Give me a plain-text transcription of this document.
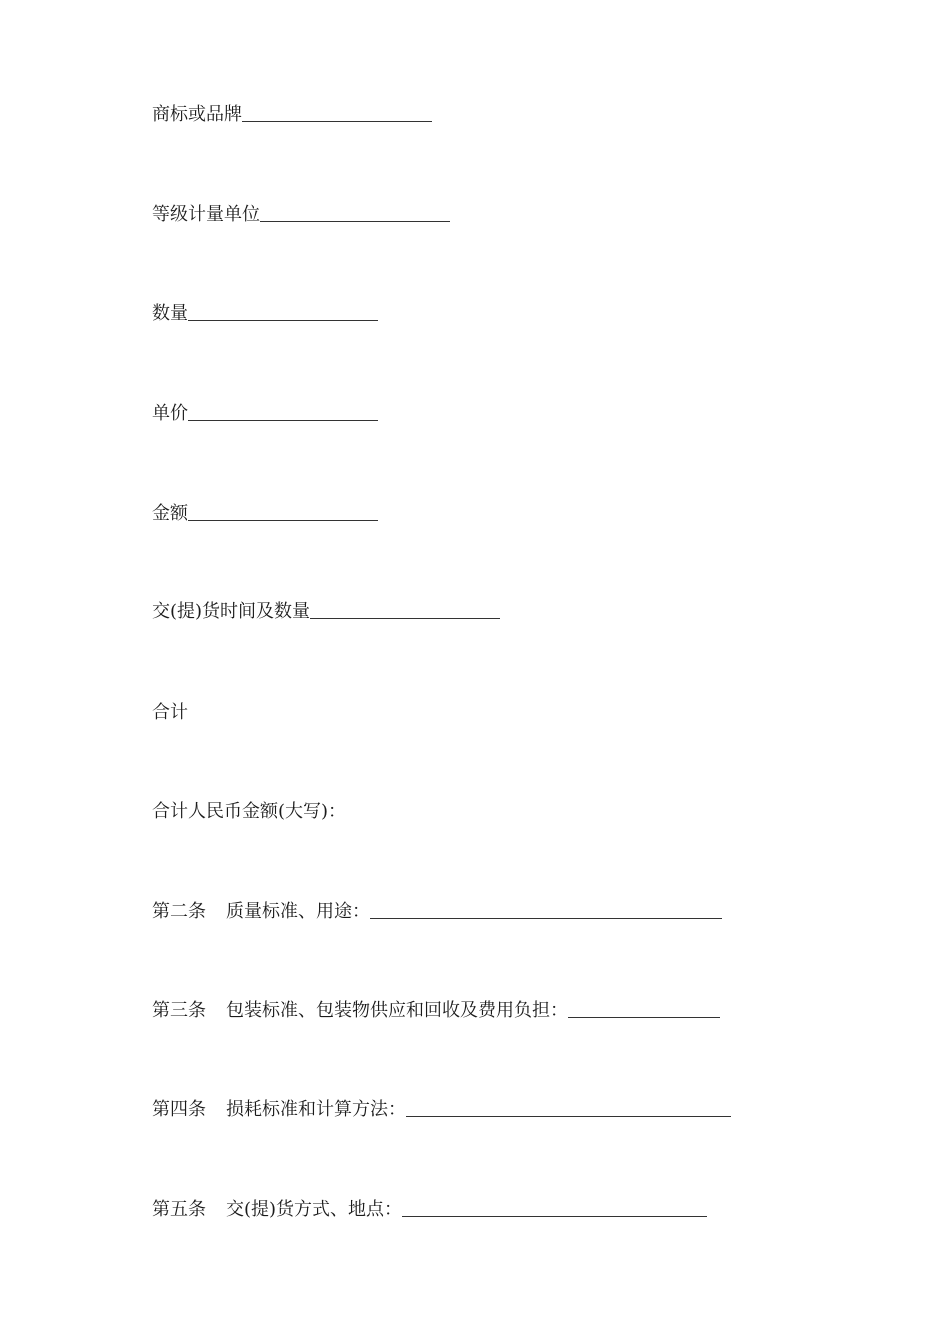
商标或品牌
等级计量单位
数量
单价
金额
交(提)货时间及数量
合计
合计人民币金额(大写)：
第二条 质量标准、用途：
第三条 包装标准、包装物供应和回收及费用负担：
第四条 损耗标准和计算方法：
第五条 交(提)货方式、地点：
